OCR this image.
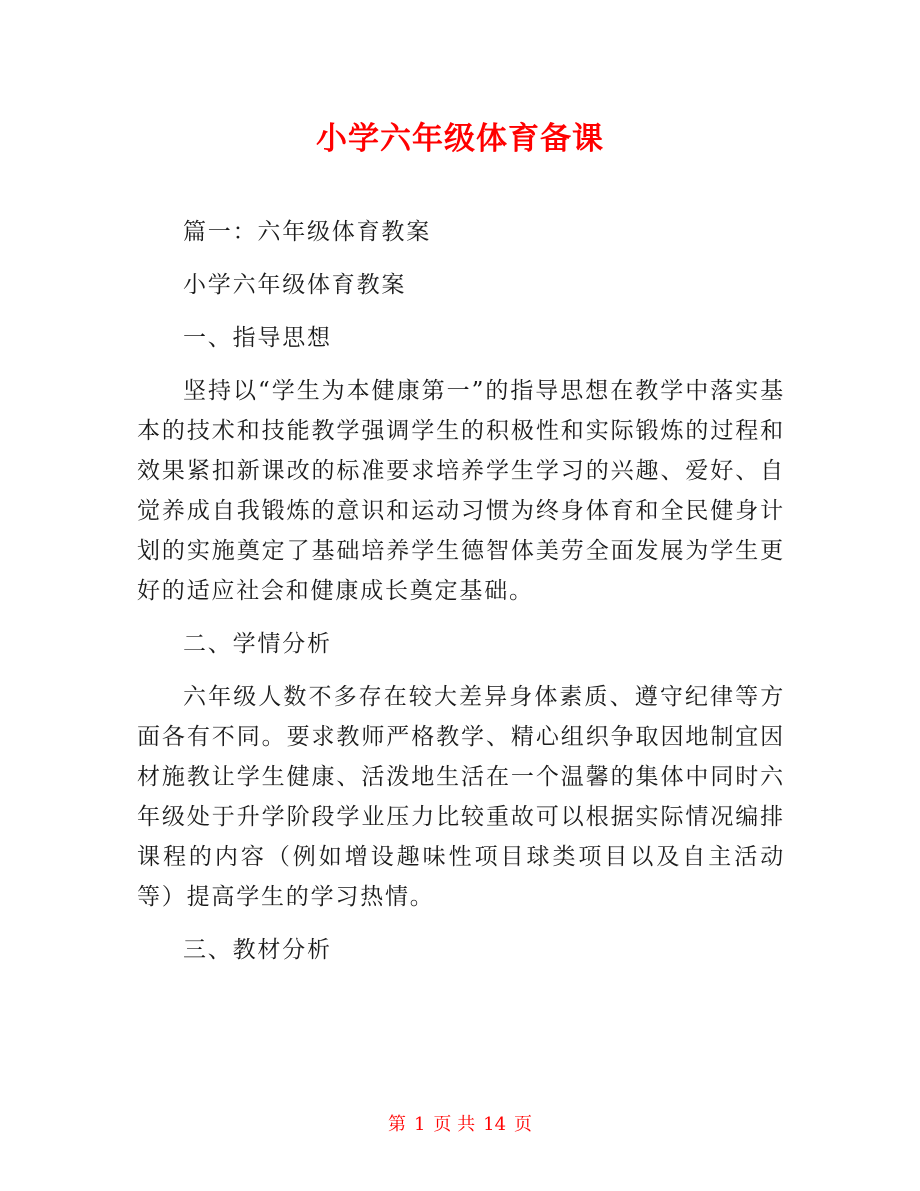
小学六年级体育备课

篇一：六年级体育教案

小学六年级体育教案

一、指导思想

坚持以“学生为本健康第一”的指导思想在教学中落实基本的技术和技能教学强调学生的积极性和实际锻炼的过程和效果紧扣新课改的标准要求培养学生学习的兴趣、爱好、自觉养成自我锻炼的意识和运动习惯为终身体育和全民健身计划的实施奠定了基础培养学生德智体美劳全面发展为学生更好的适应社会和健康成长奠定基础。

二、学情分析

六年级人数不多存在较大差异身体素质、遵守纪律等方面各有不同。要求教师严格教学、精心组织争取因地制宜因材施教让学生健康、活泼地生活在一个温馨的集体中同时六年级处于升学阶段学业压力比较重故可以根据实际情况编排课程的内容（例如增设趣味性项目球类项目以及自主活动等）提高学生的学习热情。

三、教材分析

第 1 页 共 14 页
